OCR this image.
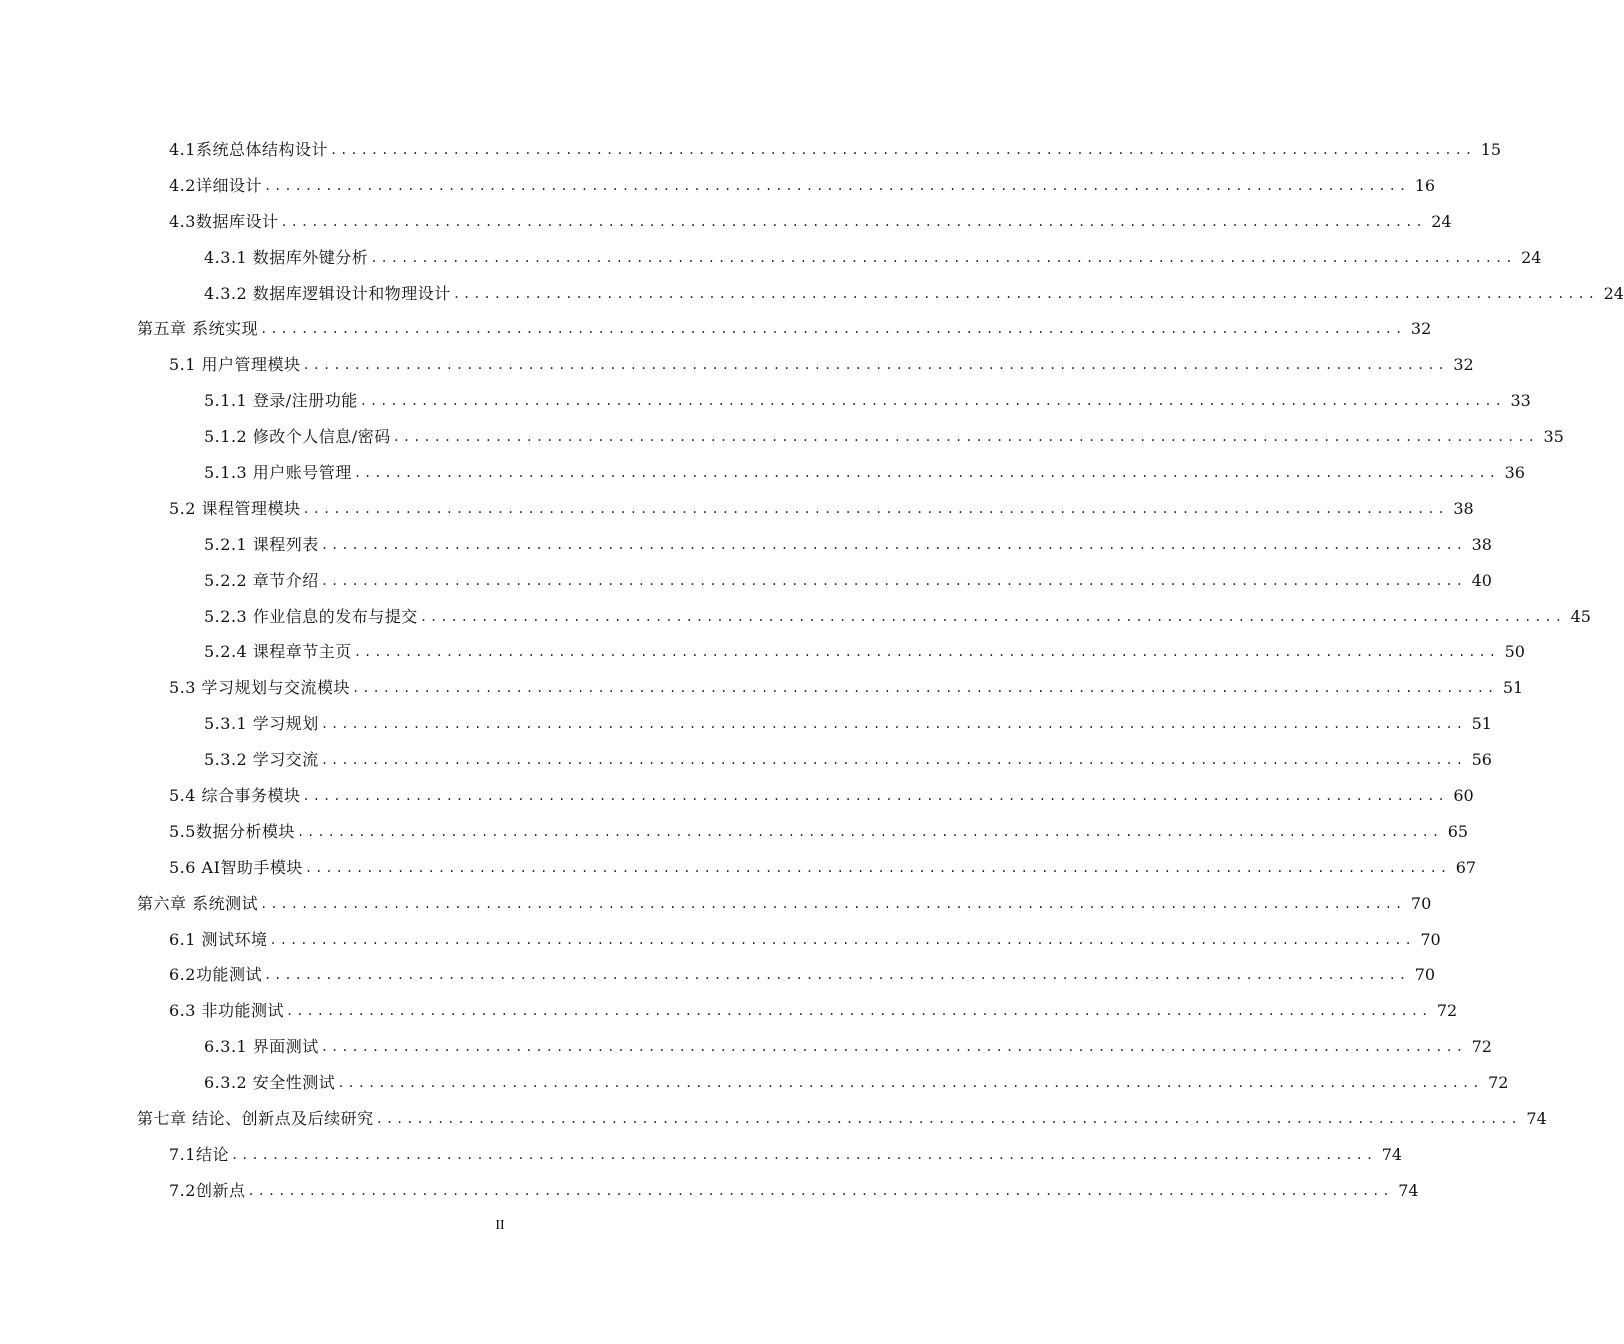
4.1系统总体结构设计 ................................................................................................................ 15
4.2详细设计 ................................................................................................................ 16
4.3数据库设计 ................................................................................................................ 24
4.3.1 数据库外键分析 ................................................................................................................ 24
4.3.2 数据库逻辑设计和物理设计 ................................................................................................................ 24
第五章 系统实现 ................................................................................................................ 32
5.1 用户管理模块 ................................................................................................................ 32
5.1.1 登录/注册功能 ................................................................................................................ 33
5.1.2 修改个人信息/密码 ................................................................................................................ 35
5.1.3 用户账号管理 ................................................................................................................ 36
5.2 课程管理模块 ................................................................................................................ 38
5.2.1 课程列表 ................................................................................................................ 38
5.2.2 章节介绍 ................................................................................................................ 40
5.2.3 作业信息的发布与提交 ................................................................................................................ 45
5.2.4 课程章节主页 ................................................................................................................ 50
5.3 学习规划与交流模块 ................................................................................................................ 51
5.3.1 学习规划 ................................................................................................................ 51
5.3.2 学习交流 ................................................................................................................ 56
5.4 综合事务模块 ................................................................................................................ 60
5.5数据分析模块 ................................................................................................................ 65
5.6 AI智助手模块 ................................................................................................................ 67
第六章 系统测试 ................................................................................................................ 70
6.1 测试环境 ................................................................................................................ 70
6.2功能测试 ................................................................................................................ 70
6.3 非功能测试 ................................................................................................................ 72
6.3.1 界面测试 ................................................................................................................ 72
6.3.2 安全性测试 ................................................................................................................ 72
第七章 结论、创新点及后续研究 ................................................................................................................ 74
7.1结论 ................................................................................................................ 74
7.2创新点 ................................................................................................................ 74
II
